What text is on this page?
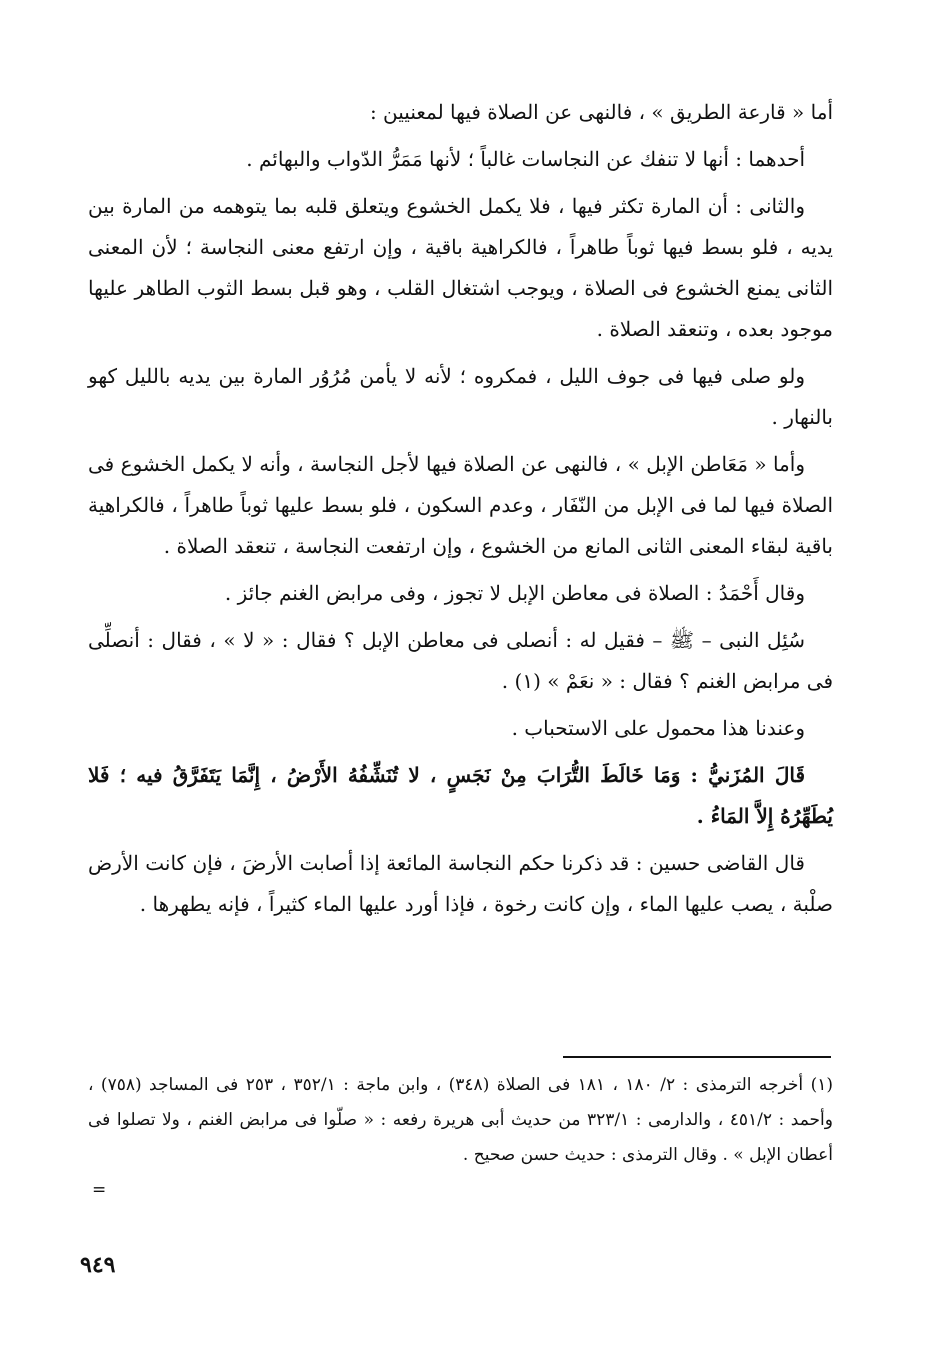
أما « قارعة الطريق » ، فالنهى عن الصلاة فيها لمعنيين :

أحدهما : أنها لا تنفك عن النجاسات غالباً ؛ لأنها مَمَرُّ الدّواب والبهائم .

والثانى : أن المارة تكثر فيها ، فلا يكمل الخشوع ويتعلق قلبه بما يتوهمه من المارة بين يديه ، فلو بسط فيها ثوباً طاهراً ، فالكراهية باقية ، وإن ارتفع معنى النجاسة ؛ لأن المعنى الثانى يمنع الخشوع فى الصلاة ، ويوجب اشتغال القلب ، وهو قبل بسط الثوب الطاهر عليها موجود بعده ، وتنعقد الصلاة .

ولو صلى فيها فى جوف الليل ، فمكروه ؛ لأنه لا يأمن مُرُوُر المارة بين يديه بالليل كهو بالنهار .

وأما « مَعَاطن الإبل » ، فالنهى عن الصلاة فيها لأجل النجاسة ، وأنه لا يكمل الخشوع فى الصلاة فيها لما فى الإبل من النّفَار ، وعدم السكون ، فلو بسط عليها ثوباً طاهراً ، فالكراهية باقية لبقاء المعنى الثانى المانع من الخشوع ، وإن ارتفعت النجاسة ، تنعقد الصلاة .

وقال أَحْمَدُ : الصلاة فى معاطن الإبل لا تجوز ، وفى مرابض الغنم جائز .

سُئِل النبى – ﷺ – فقيل له : أنصلى فى معاطن الإبل ؟ فقال : « لا » ، فقال : أنصلِّى فى مرابض الغنم ؟ فقال : « نعَمْ » (١) .

وعندنا هذا محمول على الاستحباب .

قَالَ المُزَنيُّ : وَمَا خَالَطَ التُّرَابَ مِنْ نَجَسٍ ، لا تُنَشِّفُهُ الأَرْضُ ، إِنَّمَا يَتَفَرَّقُ فيه ؛ فَلا يُطَهِّرُهُ إِلاَّ المَاءُ .

قال القاضى حسين : قد ذكرنا حكم النجاسة المائعة إذا أصابت الأرضَ ، فإن كانت الأرض صلْبة ، يصب عليها الماء ، وإن كانت رخوة ، فإذا أورد عليها الماء كثيراً ، فإنه يطهرها .

(١) أخرجه الترمذى : ٢/ ١٨٠ ، ١٨١ فى الصلاة (٣٤٨) ، وابن ماجة : ٣٥٢/١ ، ٢٥٣ فى المساجد (٧٥٨) ، وأحمد : ٤٥١/٢ ، والدارمى : ٣٢٣/١ من حديث أبى هريرة رفعه : « صلّوا فى مرابض الغنم ، ولا تصلوا فى أعطان الإبل » . وقال الترمذى : حديث حسن صحيح .
=
٩٤٩
